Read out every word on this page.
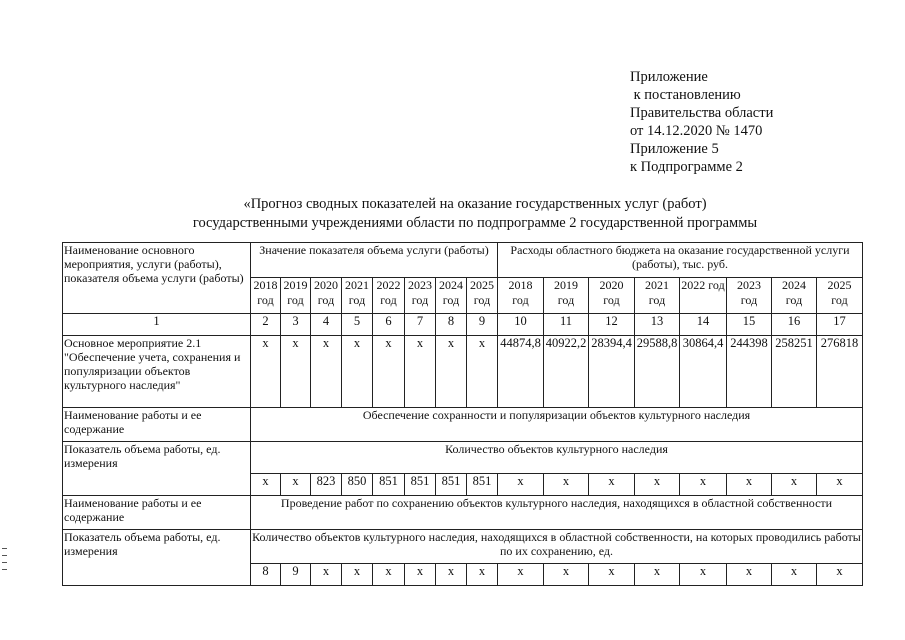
Приложение
к постановлению
Правительства области
от 14.12.2020 № 1470
Приложение 5
к Подпрограмме 2
«Прогноз сводных показателей на оказание государственных услуг (работ)
государственными учреждениями области по подпрограмме 2 государственной программы
Наименование основного мероприятия, услуги (работы), показателя объема услуги (работы)	Значение показателя объема услуги (работы)								Расходы областного бюджета на оказание государственной услуги (работы), тыс. руб.							
	2018 год	2019 год	2020 год	2021 год	2022 год	2023 год	2024 год	2025 год	2018 год	2019 год	2020 год	2021 год	2022 год	2023 год	2024 год	2025 год
1	2	3	4	5	6	7	8	9	10	11	12	13	14	15	16	17
Основное мероприятие 2.1 "Обеспечение учета, сохранения и популяризации объектов культурного наследия"	х	х	х	х	х	х	х	х	44874,8	40922,2	28394,4	29588,8	30864,4	244398	258251	276818
Наименование работы и ее содержание	Обеспечение сохранности и популяризации объектов культурного наследия															
Показатель объема работы, ед. измерения	Количество объектов культурного наследия															
	х	х	823	850	851	851	851	851	х	х	х	х	х	х	х	х
Наименование работы и ее содержание	Проведение работ по сохранению объектов культурного наследия, находящихся в областной собственности															
Показатель объема работы, ед. измерения	Количество объектов культурного наследия, находящихся в областной собственности, на которых проводились работы по их сохранению, ед.															
	8	9	х	х	х	х	х	х	х	х	х	х	х	х	х	х
